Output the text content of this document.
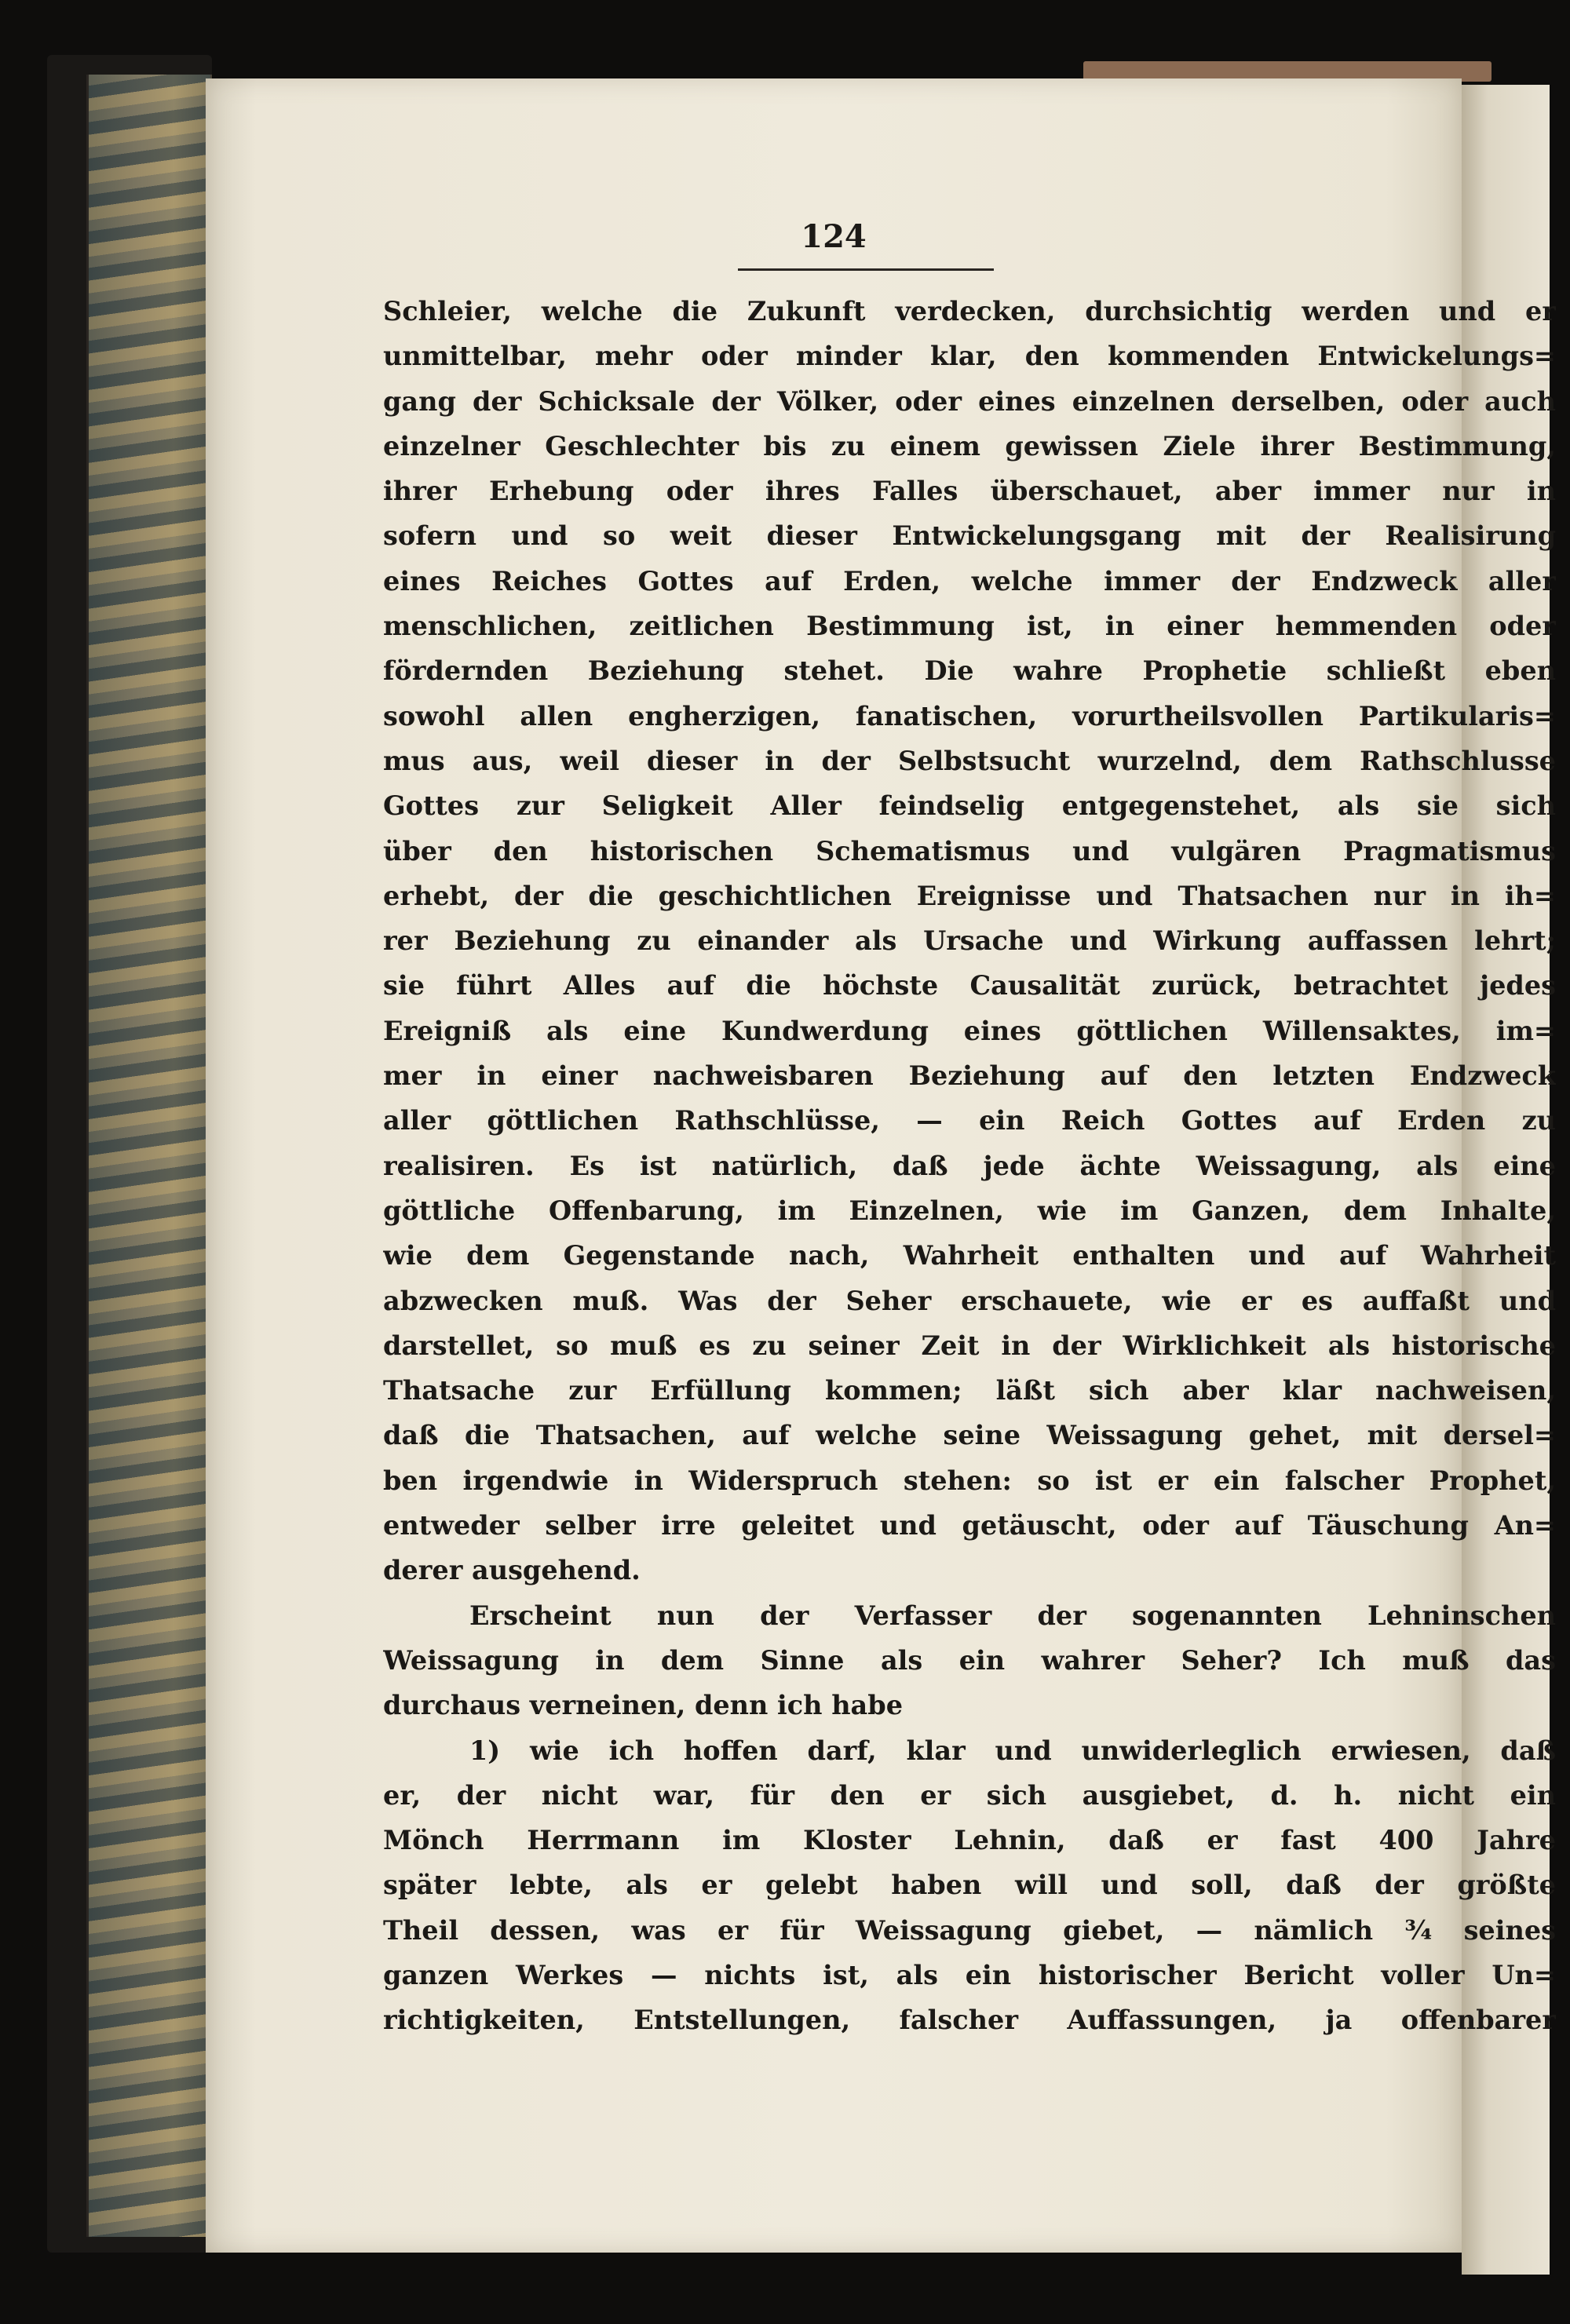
124
Schleier, welche die Zukunft verdecken, durchsichtig werden und er
unmittelbar, mehr oder minder klar, den kommenden Entwickelungs=
gang der Schicksale der Völker, oder eines einzelnen derselben, oder auch
einzelner Geschlechter bis zu einem gewissen Ziele ihrer Bestimmung,
ihrer Erhebung oder ihres Falles überschauet, aber immer nur in
sofern und so weit dieser Entwickelungsgang mit der Realisirung
eines Reiches Gottes auf Erden, welche immer der Endzweck aller
menschlichen, zeitlichen Bestimmung ist, in einer hemmenden oder
fördernden Beziehung stehet. Die wahre Prophetie schließt eben
sowohl allen engherzigen, fanatischen, vorurtheilsvollen Partikularis=
mus aus, weil dieser in der Selbstsucht wurzelnd, dem Rathschlusse
Gottes zur Seligkeit Aller feindselig entgegenstehet, als sie sich
über den historischen Schematismus und vulgären Pragmatismus
erhebt, der die geschichtlichen Ereignisse und Thatsachen nur in ih=
rer Beziehung zu einander als Ursache und Wirkung auffassen lehrt;
sie führt Alles auf die höchste Causalität zurück, betrachtet jedes
Ereigniß als eine Kundwerdung eines göttlichen Willensaktes, im=
mer in einer nachweisbaren Beziehung auf den letzten Endzweck
aller göttlichen Rathschlüsse, — ein Reich Gottes auf Erden zu
realisiren. Es ist natürlich, daß jede ächte Weissagung, als eine
göttliche Offenbarung, im Einzelnen, wie im Ganzen, dem Inhalte,
wie dem Gegenstande nach, Wahrheit enthalten und auf Wahrheit
abzwecken muß. Was der Seher erschauete, wie er es auffaßt und
darstellet, so muß es zu seiner Zeit in der Wirklichkeit als historische
Thatsache zur Erfüllung kommen; läßt sich aber klar nachweisen,
daß die Thatsachen, auf welche seine Weissagung gehet, mit dersel=
ben irgendwie in Widerspruch stehen: so ist er ein falscher Prophet,
entweder selber irre geleitet und getäuscht, oder auf Täuschung An=
derer ausgehend.
Erscheint nun der Verfasser der sogenannten Lehninschen
Weissagung in dem Sinne als ein wahrer Seher? Ich muß das
durchaus verneinen, denn ich habe
1) wie ich hoffen darf, klar und unwiderleglich erwiesen, daß
er, der nicht war, für den er sich ausgiebet, d. h. nicht ein
Mönch Herrmann im Kloster Lehnin, daß er fast 400 Jahre
später lebte, als er gelebt haben will und soll, daß der größte
Theil dessen, was er für Weissagung giebet, — nämlich ¾ seines
ganzen Werkes — nichts ist, als ein historischer Bericht voller Un=
richtigkeiten, Entstellungen, falscher Auffassungen, ja offenbarer
